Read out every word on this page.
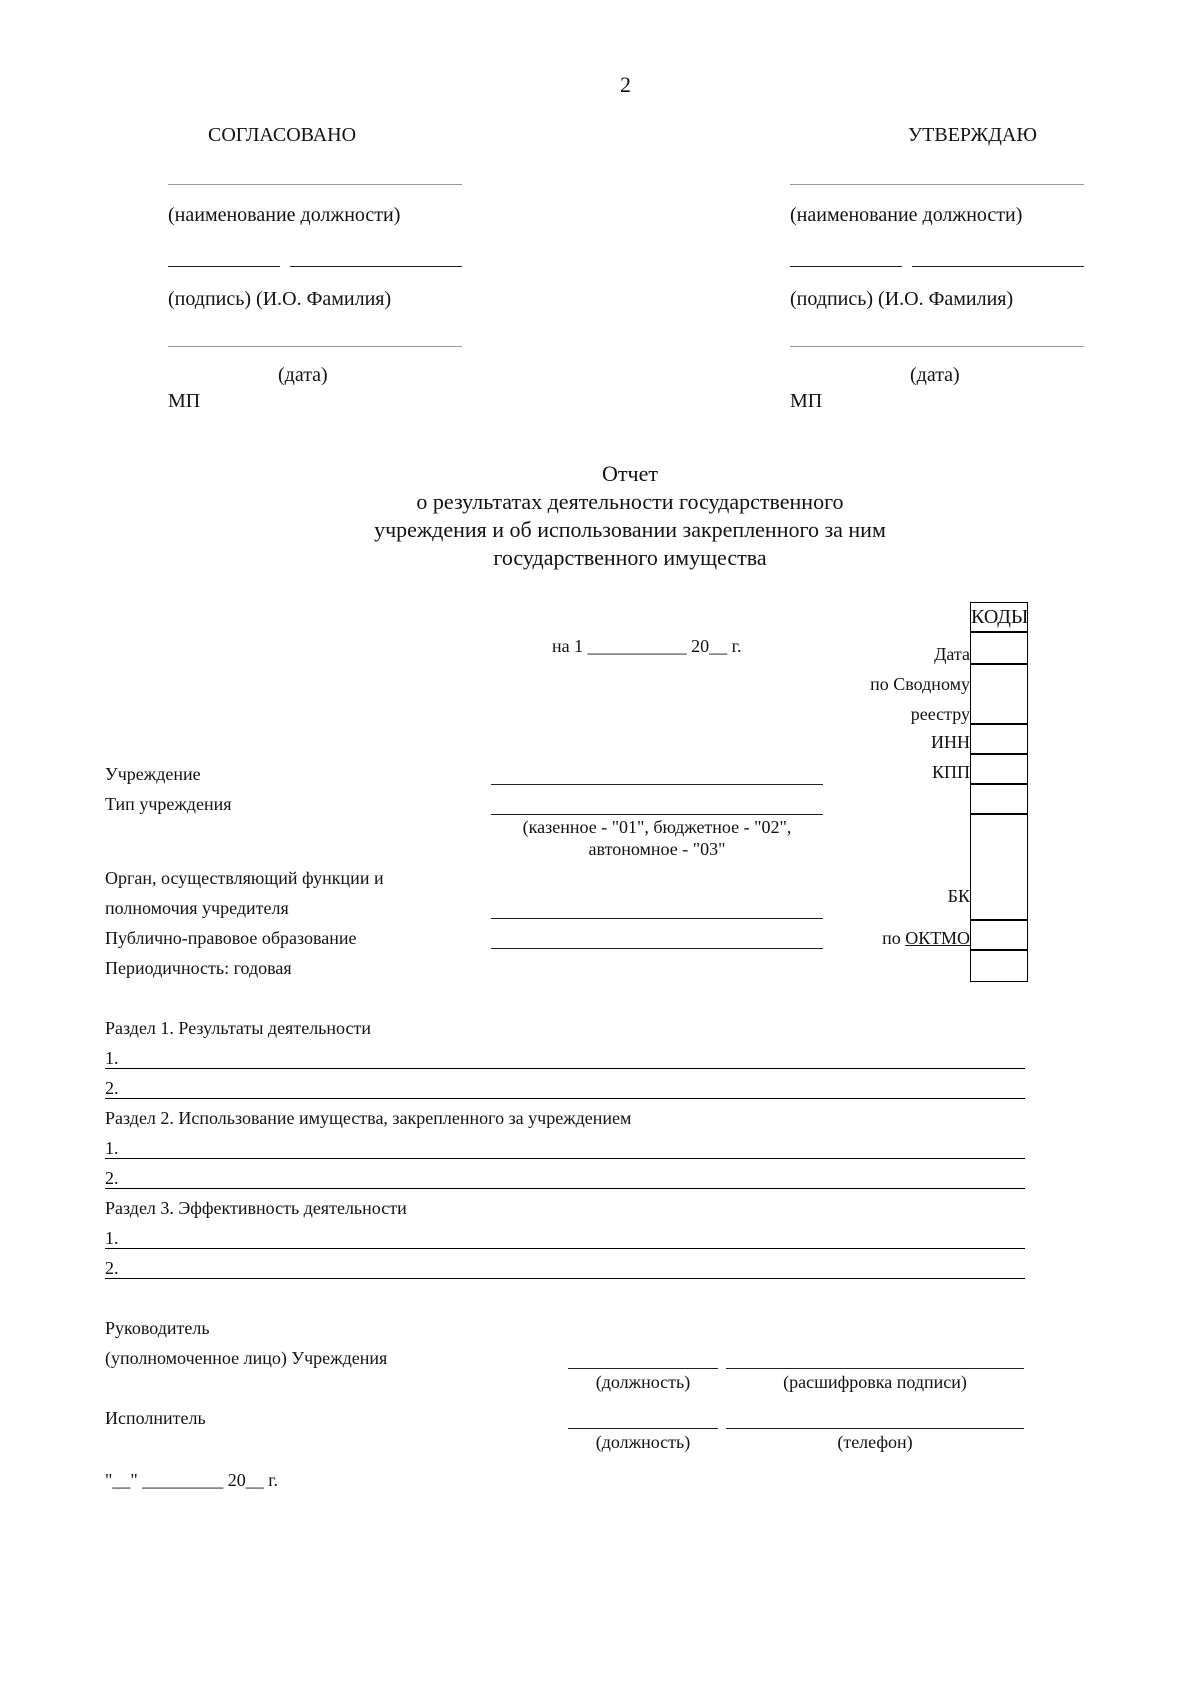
2
СОГЛАСОВАНО
(наименование должности)
(подпись) (И.О. Фамилия)
(дата)
МП
УТВЕРЖДАЮ
(наименование должности)
(подпись) (И.О. Фамилия)
(дата)
МП
Отчет
о результатах деятельности государственного
учреждения и об использовании закрепленного за ним
государственного имущества
на 1 ___________ 20__ г.
КОДЫ
Дата
по Сводному
реестру
ИНН
КПП
БК
по ОКТМО
Учреждение
Тип учреждения
(казенное - "01", бюджетное - "02",
автономное - "03"
Орган, осуществляющий функции и
полномочия учредителя
Публично-правовое образование
Периодичность: годовая
Раздел 1. Результаты деятельности
1.
2.
Раздел 2. Использование имущества, закрепленного за учреждением
1.
2.
Раздел 3. Эффективность деятельности
1.
2.
Руководитель
(уполномоченное лицо) Учреждения
(должность)	(расшифровка подписи)
Исполнитель
(должность)	(телефон)
"__" _________ 20__ г.
